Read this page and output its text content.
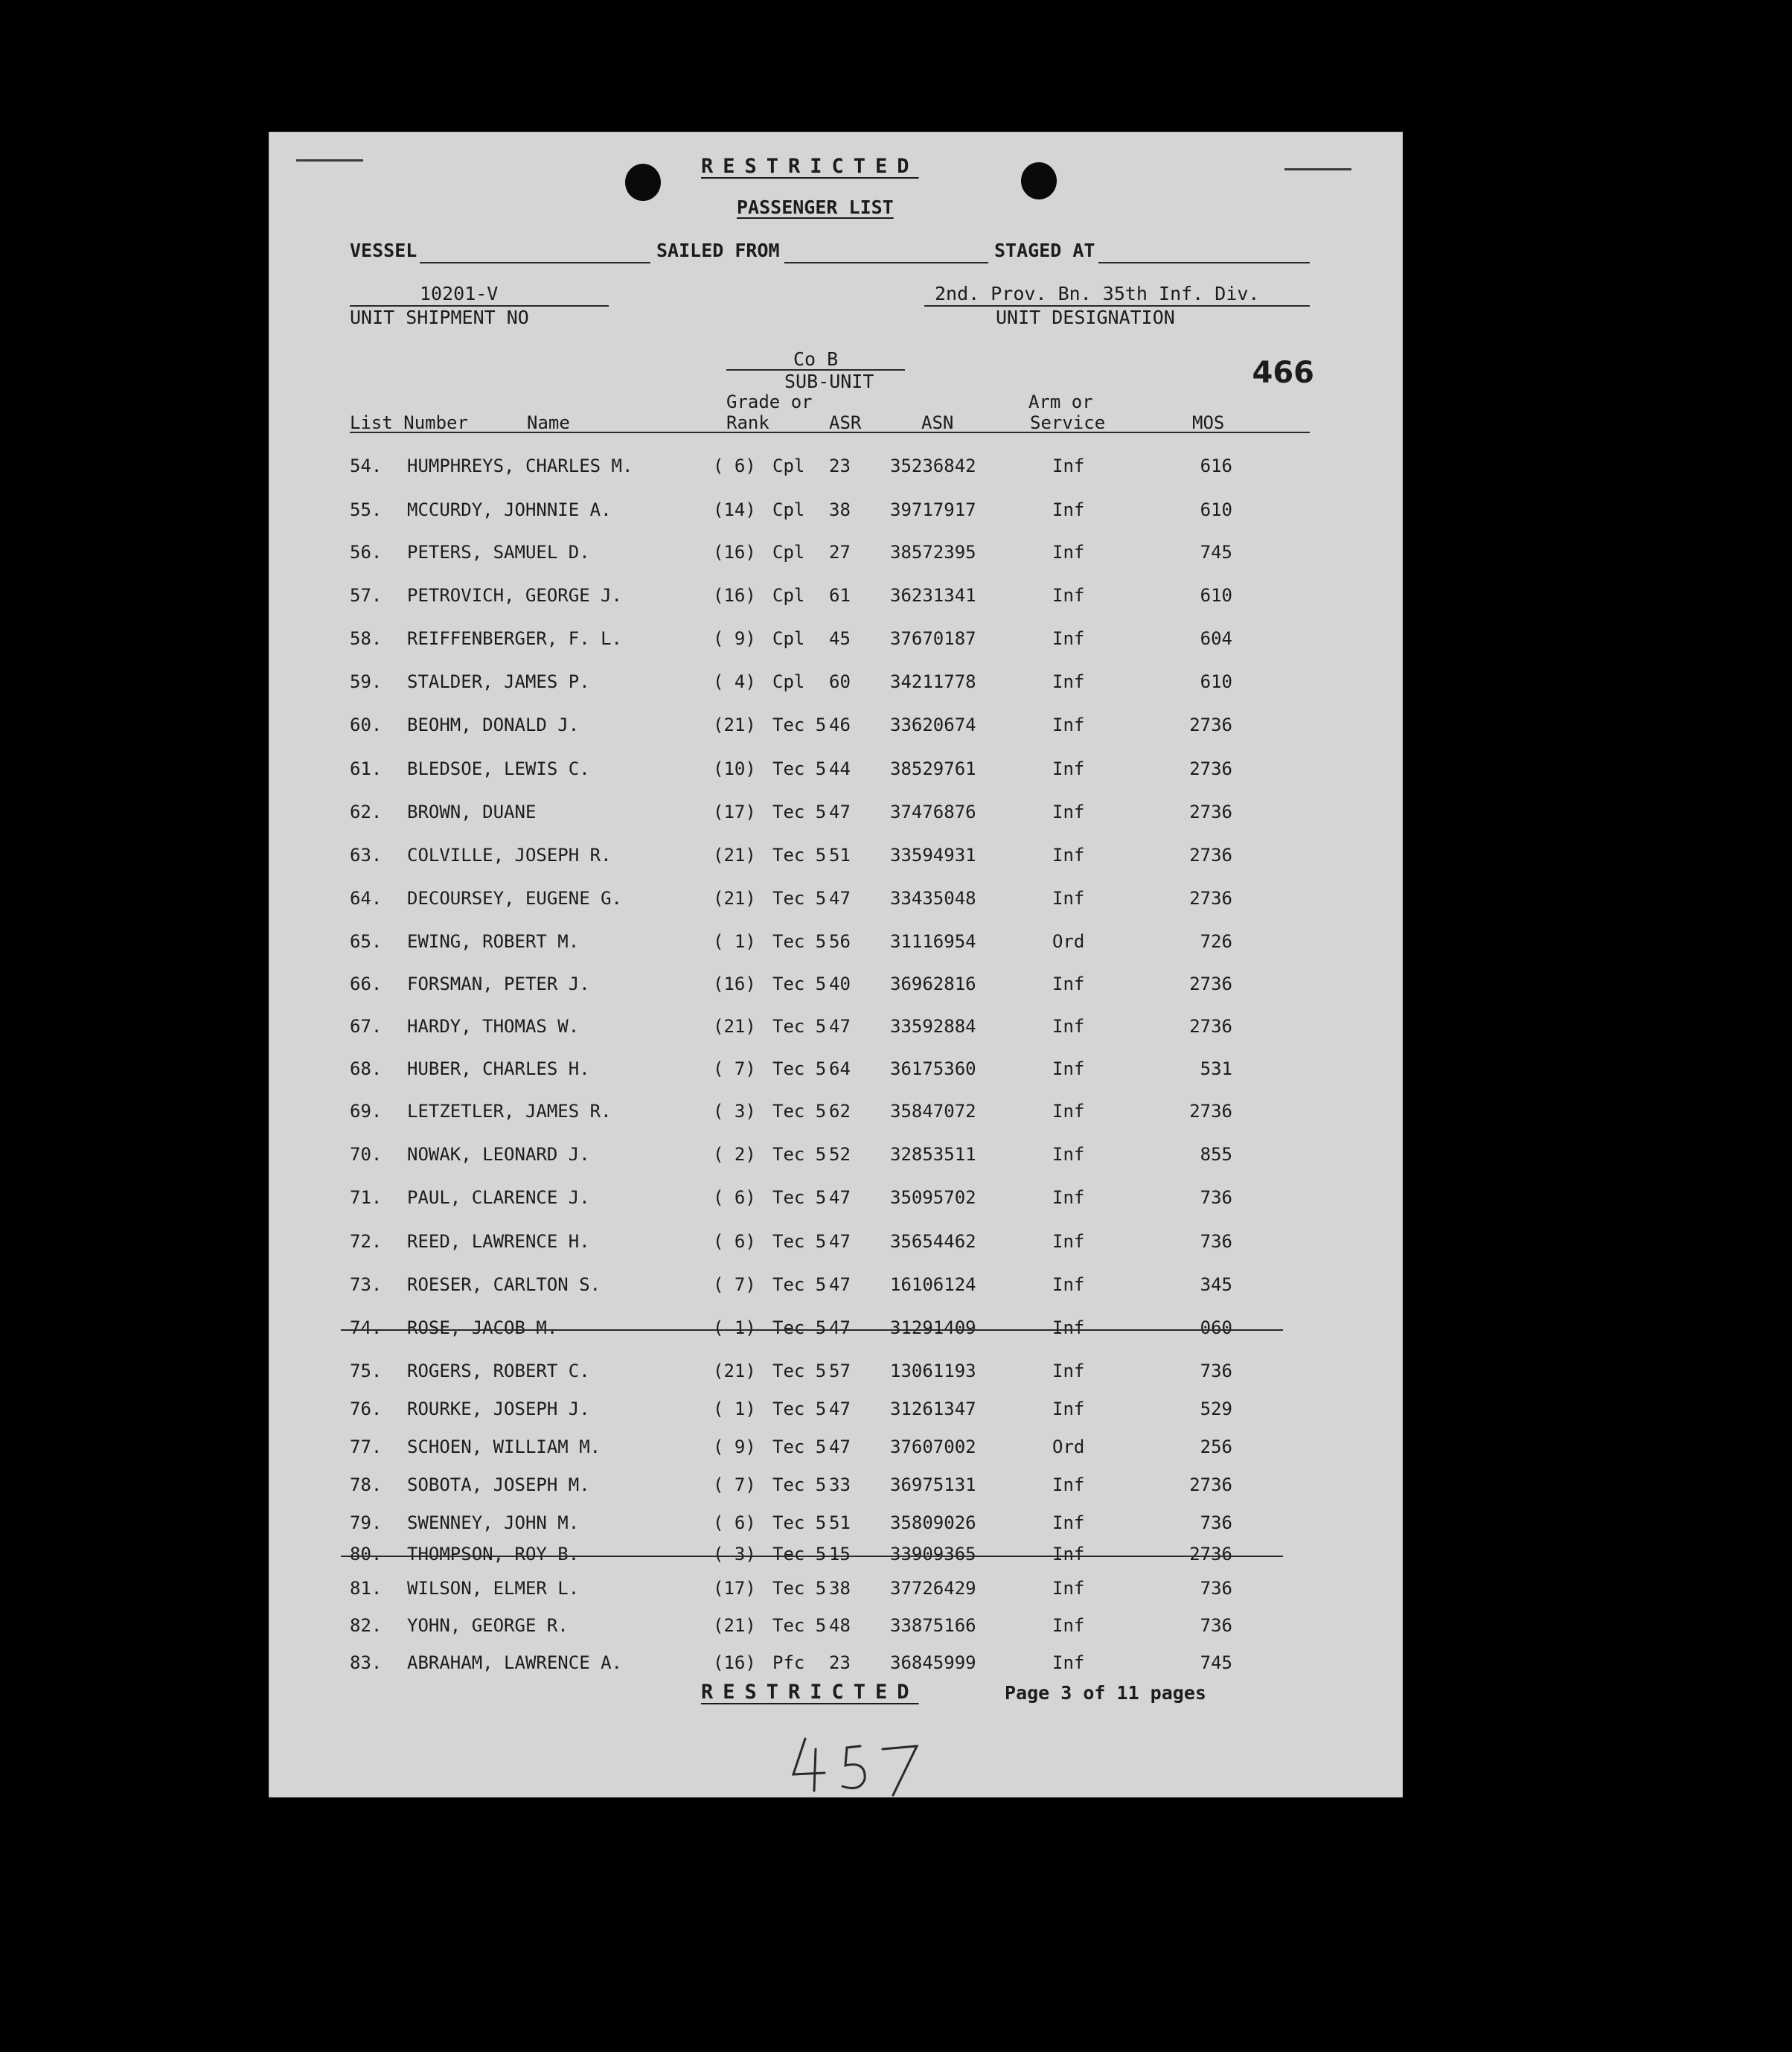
RESTRICTED
PASSENGER LIST
VESSEL	SAILED FROM	STAGED AT
10201-V
UNIT SHIPMENT NO
2nd. Prov. Bn. 35th Inf. Div.
UNIT DESIGNATION
Co B
SUB-UNIT	466
List Number	Name
Grade or
Rank	ASR	ASN
Arm or
Service	MOS
54. HUMPHREYS, CHARLES M.	( 6) Cpl 23 35236842	Inf	616
55. MCCURDY, JOHNNIE A.	(14) Cpl 38 39717917	Inf	610
56. PETERS, SAMUEL D.	(16) Cpl 27 38572395	Inf	745
57. PETROVICH, GEORGE J.	(16) Cpl 61 36231341	Inf	610
58. REIFFENBERGER, F. L.	( 9) Cpl 45 37670187	Inf	604
59. STALDER, JAMES P.	( 4) Cpl 60 34211778	Inf	610
60. BEOHM, DONALD J.	(21) Tec 5 46 33620674	Inf	2736
61. BLEDSOE, LEWIS C.	(10) Tec 5 44 38529761	Inf	2736
62. BROWN, DUANE	(17) Tec 5 47 37476876	Inf	2736
63. COLVILLE, JOSEPH R.	(21) Tec 5 51 33594931	Inf	2736
64. DECOURSEY, EUGENE G.	(21) Tec 5 47 33435048	Inf	2736
65. EWING, ROBERT M.	( 1) Tec 5 56 31116954	Ord	726
66. FORSMAN, PETER J.	(16) Tec 5 40 36962816	Inf	2736
67. HARDY, THOMAS W.	(21) Tec 5 47 33592884	Inf	2736
68. HUBER, CHARLES H.	( 7) Tec 5 64 36175360	Inf	531
69. LETZETLER, JAMES R.	( 3) Tec 5 62 35847072	Inf	2736
70. NOWAK, LEONARD J.	( 2) Tec 5 52 32853511	Inf	855
71. PAUL, CLARENCE J.	( 6) Tec 5 47 35095702	Inf	736
72. REED, LAWRENCE H.	( 6) Tec 5 47 35654462	Inf	736
73. ROESER, CARLTON S.	( 7) Tec 5 47 16106124	Inf	345
74. ROSE, JACOB M.	( 1) Tec 5 47 31291409	Inf	060
75. ROGERS, ROBERT C.	(21) Tec 5 57 13061193	Inf	736
76. ROURKE, JOSEPH J.	( 1) Tec 5 47 31261347	Inf	529
77. SCHOEN, WILLIAM M.	( 9) Tec 5 47 37607002	Ord	256
78. SOBOTA, JOSEPH M.	( 7) Tec 5 33 36975131	Inf	2736
79. SWENNEY, JOHN M.	( 6) Tec 5 51 35809026	Inf	736
80. THOMPSON, ROY B.	( 3) Tec 5 15 33909365	Inf	2736
81. WILSON, ELMER L.	(17) Tec 5 38 37726429	Inf	736
82. YOHN, GEORGE R.	(21) Tec 5 48 33875166	Inf	736
83. ABRAHAM, LAWRENCE A.	(16) Pfc 23 36845999	Inf	745
RESTRICTED	Page 3 of 11 pages
